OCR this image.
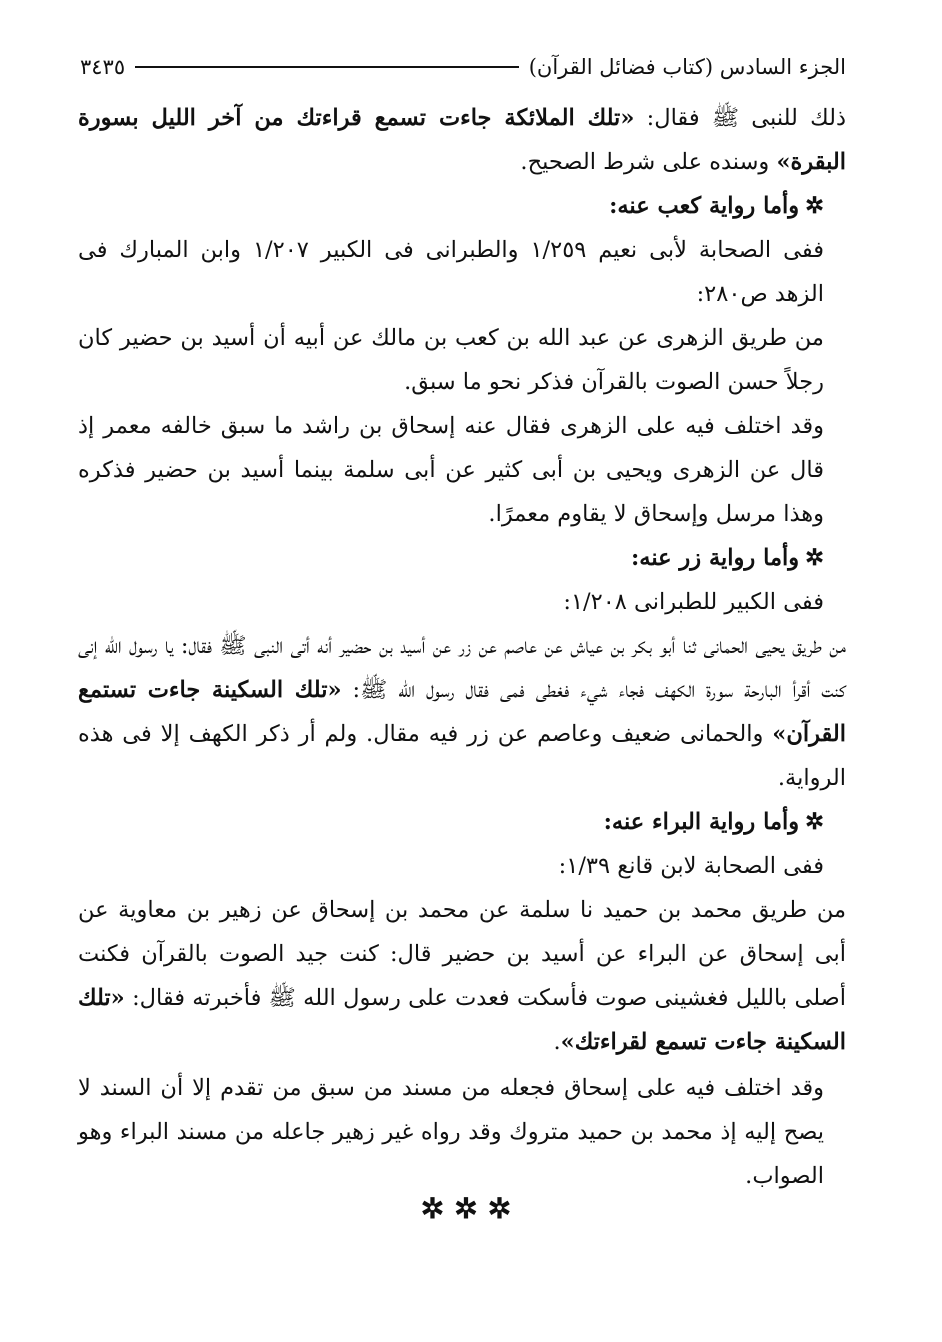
الجزء السادس (كتاب فضائل القرآن)
٣٤٣٥

ذلك للنبى ﷺ فقال: «تلك الملائكة جاءت تسمع قراءتك من آخر الليل بسورة البقرة» وسنده على شرط الصحيح.

✲وأما رواية كعب عنه:

ففى الصحابة لأبى نعيم ١/٢٥٩ والطبرانى فى الكبير ١/٢٠٧ وابن المبارك فى الزهد ص٢٨٠:

من طريق الزهرى عن عبد الله بن كعب بن مالك عن أبيه أن أسيد بن حضير كان رجلاً حسن الصوت بالقرآن فذكر نحو ما سبق.

وقد اختلف فيه على الزهرى فقال عنه إسحاق بن راشد ما سبق خالفه معمر إذ قال عن الزهرى ويحيى بن أبى كثير عن أبى سلمة بينما أسيد بن حضير فذكره وهذا مرسل وإسحاق لا يقاوم معمرًا.

✲وأما رواية زر عنه:

ففى الكبير للطبرانى ١/٢٠٨:

من طريق يحيى الحمانى ثنا أبو بكر بن عياش عن عاصم عن زر عن أسيد بن حضير أنه أتى النبى ﷺ فقال: يا رسول الله إنى كنت أقرأ البارحة سورة الكهف فجاء شيء فغطى فمى فقال رسول الله ﷺ: «تلك السكينة جاءت تستمع القرآن» والحمانى ضعيف وعاصم عن زر فيه مقال. ولم أر ذكر الكهف إلا فى هذه الرواية.

✲وأما رواية البراء عنه:

ففى الصحابة لابن قانع ١/٣٩:

من طريق محمد بن حميد نا سلمة عن محمد بن إسحاق عن زهير بن معاوية عن أبى إسحاق عن البراء عن أسيد بن حضير قال: كنت جيد الصوت بالقرآن فكنت أصلى بالليل فغشينى صوت فأسكت فعدت على رسول الله ﷺ فأخبرته فقال: «تلك السكينة جاءت تسمع لقراءتك».

وقد اختلف فيه على إسحاق فجعله من مسند من سبق من تقدم إلا أن السند لا يصح إليه إذ محمد بن حميد متروك وقد رواه غير زهير جاعله من مسند البراء وهو الصواب.

✲✲✲
